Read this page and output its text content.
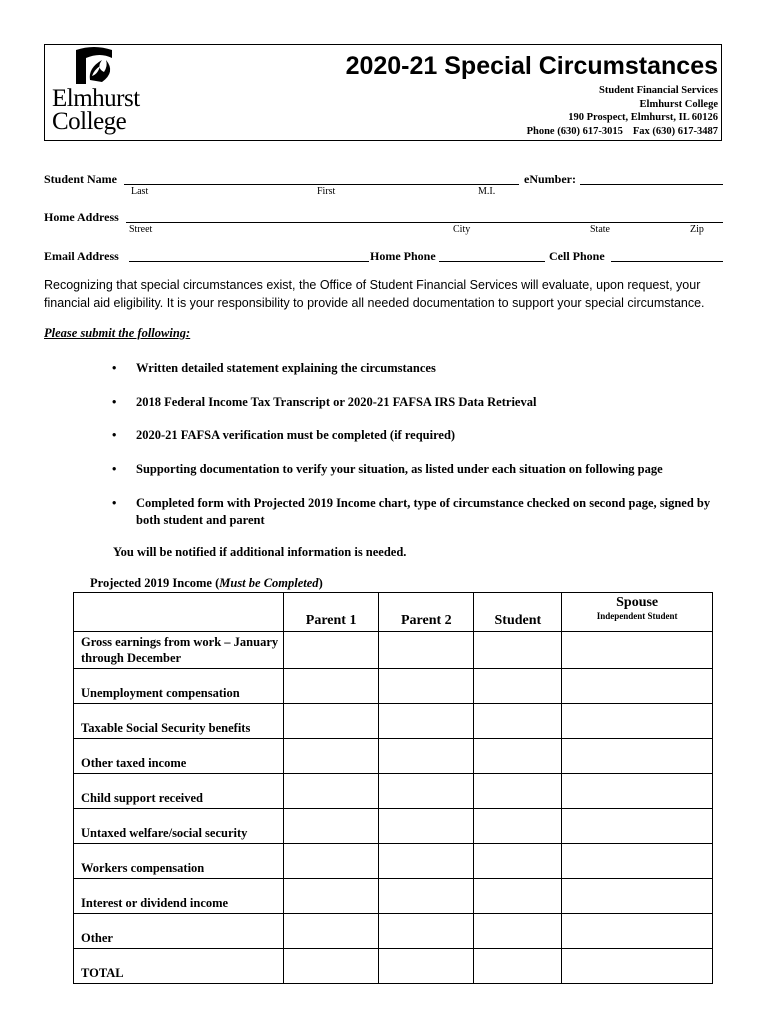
Elmhurst
College
2020-21 Special Circumstances
Student Financial Services
Elmhurst College
190 Prospect, Elmhurst, IL 60126
Phone (630) 617-3015 Fax (630) 617-3487
Student Name
Last	First	M.I.
eNumber:
Home Address
Street	City	State	Zip
Email Address	Home Phone	Cell Phone
Recognizing that special circumstances exist, the Office of Student Financial Services will evaluate, upon request, your financial aid eligibility. It is your responsibility to provide all needed documentation to support your special circumstance.
Please submit the following:
• Written detailed statement explaining the circumstances
• 2018 Federal Income Tax Transcript or 2020-21 FAFSA IRS Data Retrieval
• 2020-21 FAFSA verification must be completed (if required)
• Supporting documentation to verify your situation, as listed under each situation on following page
• Completed form with Projected 2019 Income chart, type of circumstance checked on second page, signed by both student and parent
You will be notified if additional information is needed.
Projected 2019 Income (Must be Completed)
	Parent 1	Parent 2	Student	Spouse
Independent Student

Gross earnings from work – January through December				
Unemployment compensation				
Taxable Social Security benefits				
Other taxed income				
Child support received				
Untaxed welfare/social security				
Workers compensation				
Interest or dividend income				
Other				
TOTAL				
